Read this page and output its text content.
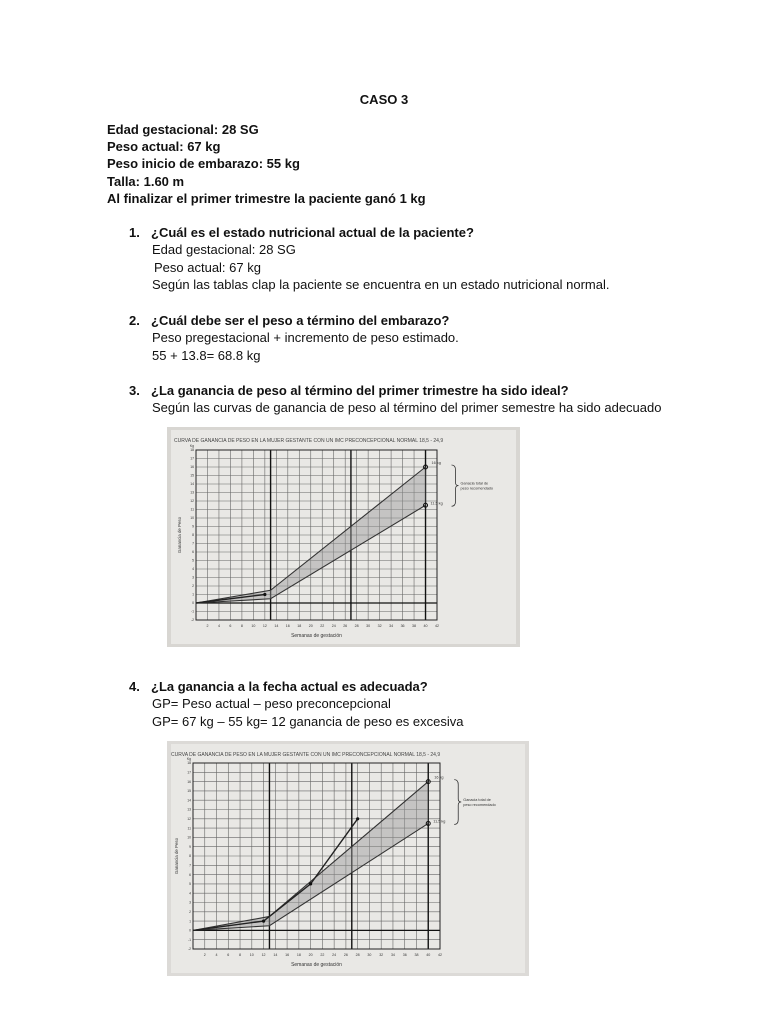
CASO 3
Edad gestacional: 28 SG
Peso actual: 67 kg
Peso inicio de embarazo: 55 kg
Talla: 1.60 m
Al finalizar el primer trimestre la paciente ganó 1 kg
1. ¿Cuál es el estado nutricional actual de la paciente?
Edad gestacional: 28 SG
Peso actual: 67 kg
Según las tablas clap la paciente se encuentra en un estado nutricional normal.
2. ¿Cuál debe ser el peso a término del embarazo?
Peso pregestacional + incremento de peso estimado.
55 + 13.8= 68.8 kg
3. ¿La ganancia de peso al término del primer trimestre ha sido ideal?
Según las curvas de ganancia de peso al término del primer semestre ha sido adecuado
2	4	6	8 10 12 14 16 18 20 22 24 26 28 30 32 34 36 38 40 42
-2
-1
0
1
2
3
4
5
6
7
8
9
10
11
12
13
14
15
16
17
18
Kg
CURVA DE GANANCIA DE PESO EN LA MUJER GESTANTE CON UN IMC PRECONCEPCIONAL NORMAL 18,5 - 24,9
Semanas de gestación
Ganancia de Peso
16 kg
11,5 kg
Ganacia total de
peso recomendado
4. ¿La ganancia a la fecha actual es adecuada?
GP= Peso actual – peso preconcepcional
GP= 67 kg – 55 kg= 12 ganancia de peso es excesiva
2	4	6	8 10 12 14 16 18 20 22 24 26 28 30 32 34 36 38 40 42
-2
-1
0
1
2
3
4
5
6
7
8
9
10
11
12
13
14
15
16
17
18
Kg
CURVA DE GANANCIA DE PESO EN LA MUJER GESTANTE CON UN IMC PRECONCEPCIONAL NORMAL 18,5 - 24,9
Semanas de gestación
Ganancia de Peso
16 kg
11,5 kg
Ganacia total de
peso recomendado
